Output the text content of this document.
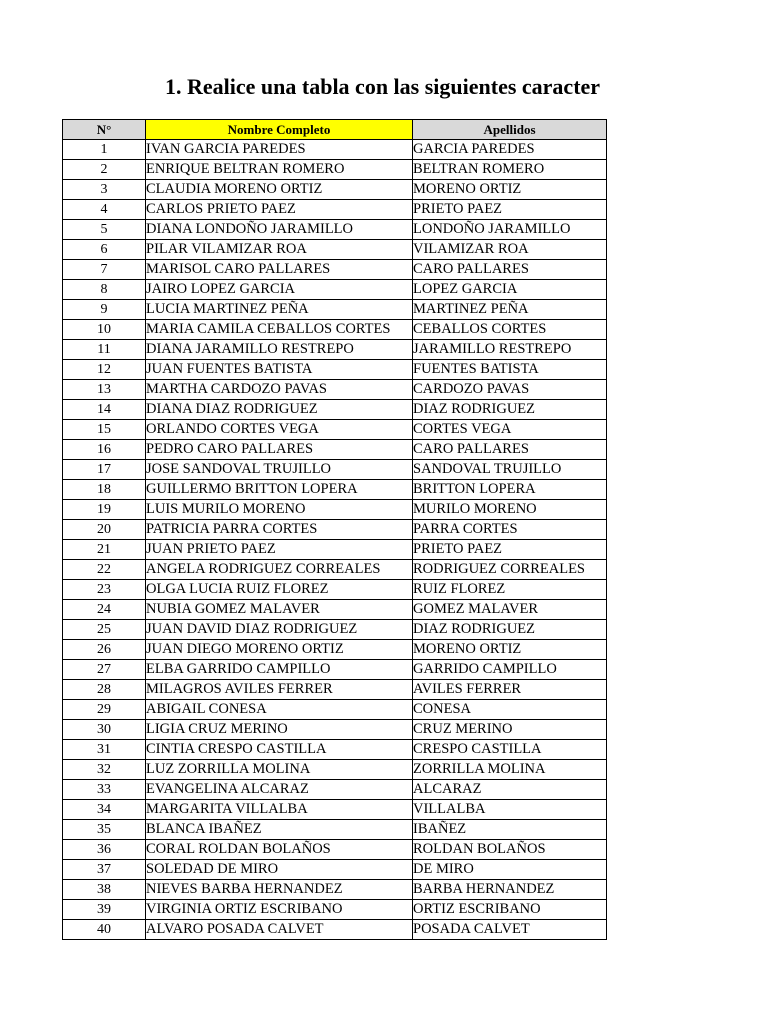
1. Realice una tabla con las siguientes caracter
N°	Nombre Completo	Apellidos
1	IVAN GARCIA PAREDES	GARCIA PAREDES
2	ENRIQUE BELTRAN ROMERO	BELTRAN ROMERO
3	CLAUDIA MORENO ORTIZ	MORENO ORTIZ
4	CARLOS PRIETO PAEZ	PRIETO PAEZ
5	DIANA LONDOÑO JARAMILLO	LONDOÑO JARAMILLO
6	PILAR VILAMIZAR ROA	VILAMIZAR ROA
7	MARISOL CARO PALLARES	CARO PALLARES
8	JAIRO LOPEZ GARCIA	LOPEZ GARCIA
9	LUCIA MARTINEZ PEÑA	MARTINEZ PEÑA
10	MARIA CAMILA CEBALLOS CORTES	CEBALLOS CORTES
11	DIANA JARAMILLO RESTREPO	JARAMILLO RESTREPO
12	JUAN FUENTES BATISTA	FUENTES BATISTA
13	MARTHA CARDOZO PAVAS	CARDOZO PAVAS
14	DIANA DIAZ RODRIGUEZ	DIAZ RODRIGUEZ
15	ORLANDO CORTES VEGA	CORTES VEGA
16	PEDRO CARO PALLARES	CARO PALLARES
17	JOSE SANDOVAL TRUJILLO	SANDOVAL TRUJILLO
18	GUILLERMO BRITTON LOPERA	BRITTON LOPERA
19	LUIS MURILO MORENO	MURILO MORENO
20	PATRICIA PARRA CORTES	PARRA CORTES
21	JUAN PRIETO PAEZ	PRIETO PAEZ
22	ANGELA RODRIGUEZ CORREALES	RODRIGUEZ CORREALES
23	OLGA LUCIA RUIZ FLOREZ	RUIZ FLOREZ
24	NUBIA GOMEZ MALAVER	GOMEZ MALAVER
25	JUAN DAVID DIAZ RODRIGUEZ	DIAZ RODRIGUEZ
26	JUAN DIEGO MORENO ORTIZ	MORENO ORTIZ
27	ELBA GARRIDO CAMPILLO	GARRIDO CAMPILLO
28	MILAGROS AVILES FERRER	AVILES FERRER
29	ABIGAIL CONESA	CONESA
30	LIGIA CRUZ MERINO	CRUZ MERINO
31	CINTIA CRESPO CASTILLA	CRESPO CASTILLA
32	LUZ ZORRILLA MOLINA	ZORRILLA MOLINA
33	EVANGELINA ALCARAZ	ALCARAZ
34	MARGARITA VILLALBA	VILLALBA
35	BLANCA IBAÑEZ	IBAÑEZ
36	CORAL ROLDAN BOLAÑOS	ROLDAN BOLAÑOS
37	SOLEDAD DE MIRO	DE MIRO
38	NIEVES BARBA HERNANDEZ	BARBA HERNANDEZ
39	VIRGINIA ORTIZ ESCRIBANO	ORTIZ ESCRIBANO
40	ALVARO POSADA CALVET	POSADA CALVET
